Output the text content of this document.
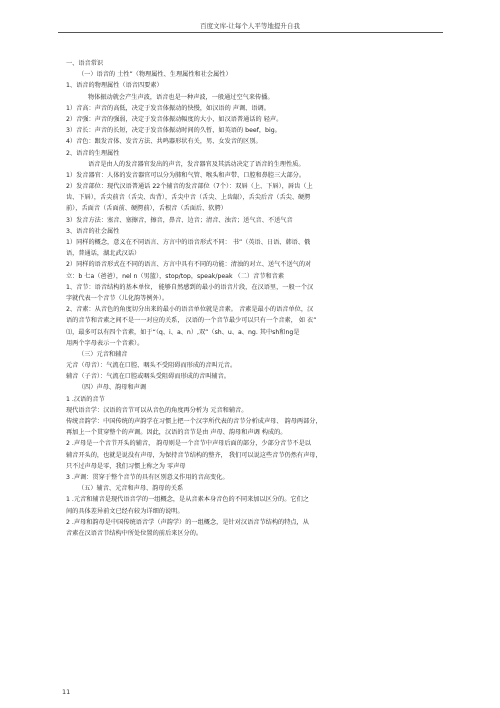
百度文库-让每个人平等地提升自我
一、语音常识
（一）语音的 土性”（物理属性、生理属性和社会属性）
1、语音的物理属性（语音四要素）
物体振动就会产生声波，语音也是一种声波，一般通过空气来传播。
1）音高：声音的高低，决定于发音体振动的快慢，如汉语的 声调、语调。
2）音强：声音的强弱，决定于发音体振动幅度的大小，如汉语普通话的 轻声。
3）音长：声音的长短，决定于发音体振动时间的久暂，如英语的 beef，big。
4）音色：跟发音体、发音方法、共鸣器形状有关，男、女发音的区别。
2、语音的生理属性
语音是由人的发音器官发出的声音，发音器官及其活动决定了语音的生理性质。
1）发音器官：人体的发音器官可以分为肺和气管、喉头和声带、口腔和鼻腔三大部分。
2）发音部位：现代汉语普通话 22个辅音的发音部位（7个）：双唇（上、下唇），唇齿（上
齿、下唇），舌尖前音（舌尖、齿背），舌尖中音（舌尖、上齿龈），舌尖后音（舌尖、硬腭
前），舌面音（舌面前、硬腭前），舌根音（舌面后、软腭）
3）发音方法：塞音、塞擦音，擦音，鼻音、边音；清音、浊音；送气音、不送气音
3、语音的社会属性
1）同样的概念，意义在不同语言、方言中的语音形式不同： 书”（英语、日语、韩语、俄
语，普通话，湖北武汉话）
2）同样的语音形式在不同的语言、方言中具有不同的功能：清浊的对立、送气不送气的对
立：b 七a（爸爸），nel n（男篮），stop/top，speak/peak （二）音节和音素
1、音节：语音结构的基本单位， 能够自然感到的最小的语音片段，在汉语里，一般一个汉
字就代表一个音节（儿化韵等例外）。
2、音素：从音色的角度切分出来的最小的语音单位就是音素。 音素是最小的语音单位，汉
语的音节和音素之间不是一一对应的关系， 汉语的一个音节最少可以只有一个音素， 如 衣”
⑴，最多可以有四个音素，如于“（q、i、a、n）,双”（sh、u、a、ng. 其中sh和ng是
用两个字母表示一个音素）。
（三）元音和辅音
元音（母音）：气流在口腔、咽头不受阻碍而形成的音叫元音。
辅音（子音）：气流在口腔或咽头受阻碍而形成的音叫辅音。
（四）声母、韵母和声调
1 .汉语的音节
现代语音学：汉语的音节可以从音色的角度再分析为 元音和辅音。
传统音韵学：中国传统的声韵学在习惯上把一个汉字所代表的音节分析成声母、 韵母两部分，
再加上一个贯穿整个的声调。因此，汉语的音节是由 声母、韵母和声调 构成的。
2 .声母是一个音节开头的辅音， 韵母则是一个音节中声母后面的部分，少部分音节不是以
辅音开头的，也就是说没有声母，为保持音节结构的整齐， 我们可以说这些音节仍然有声母，
只不过声母是零，我们习惯上称之为 零声母
3 .声调：贯穿于整个音节的具有区别意义作用的音高变化。
（五）辅音、元音和声母、韵母的关系
1 .元音和辅音是现代语音学的一组概念，是从音素本身音色的不同来加以区分的。它们之
间的具体差异前文已经有较为详细的说明。
2 .声母和韵母是中国传统语音学（声韵学）的一组概念，是针对汉语音节结构的特点，从
音素在汉语音节结构中所处位置的前后来区分的。
11
